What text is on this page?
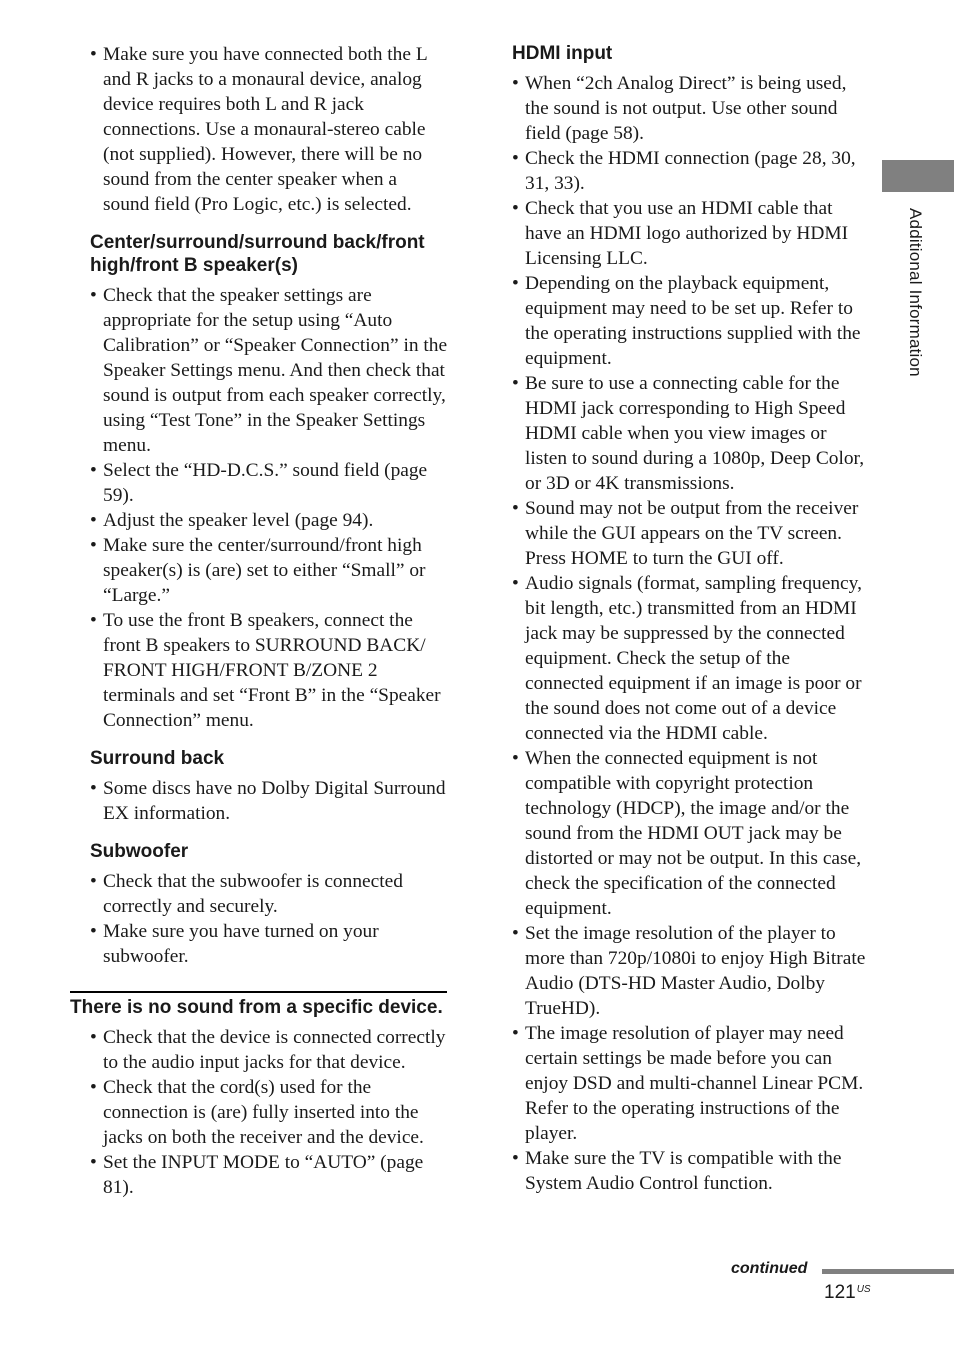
• Make sure you have connected both the L and R jacks to a monaural device, analog device requires both L and R jack connections. Use a monaural-stereo cable (not supplied). However, there will be no sound from the center speaker when a sound field (Pro Logic, etc.) is selected.
Center/surround/surround back/front high/front B speaker(s)
• Check that the speaker settings are appropriate for the setup using “Auto Calibration” or “Speaker Connection” in the Speaker Settings menu. And then check that sound is output from each speaker correctly, using “Test Tone” in the Speaker Settings menu.
• Select the “HD-D.C.S.” sound field (page 59).
• Adjust the speaker level (page 94).
• Make sure the center/surround/front high speaker(s) is (are) set to either “Small” or “Large.”
• To use the front B speakers, connect the front B speakers to SURROUND BACK/ FRONT HIGH/FRONT B/ZONE 2 terminals and set “Front B” in the “Speaker Connection” menu.
Surround back
• Some discs have no Dolby Digital Surround EX information.
Subwoofer
• Check that the subwoofer is connected correctly and securely.
• Make sure you have turned on your subwoofer.
There is no sound from a specific device.
• Check that the device is connected correctly to the audio input jacks for that device.
• Check that the cord(s) used for the connection is (are) fully inserted into the jacks on both the receiver and the device.
• Set the INPUT MODE to “AUTO” (page 81).
HDMI input
• When “2ch Analog Direct” is being used, the sound is not output. Use other sound field (page 58).
• Check the HDMI connection (page 28, 30, 31, 33).
• Check that you use an HDMI cable that have an HDMI logo authorized by HDMI Licensing LLC.
• Depending on the playback equipment, equipment may need to be set up. Refer to the operating instructions supplied with the equipment.
• Be sure to use a connecting cable for the HDMI jack corresponding to High Speed HDMI cable when you view images or listen to sound during a 1080p, Deep Color, or 3D or 4K transmissions.
• Sound may not be output from the receiver while the GUI appears on the TV screen. Press HOME to turn the GUI off.
• Audio signals (format, sampling frequency, bit length, etc.) transmitted from an HDMI jack may be suppressed by the connected equipment. Check the setup of the connected equipment if an image is poor or the sound does not come out of a device connected via the HDMI cable.
• When the connected equipment is not compatible with copyright protection technology (HDCP), the image and/or the sound from the HDMI OUT jack may be distorted or may not be output. In this case, check the specification of the connected equipment.
• Set the image resolution of the player to more than 720p/1080i to enjoy High Bitrate Audio (DTS-HD Master Audio, Dolby TrueHD).
• The image resolution of player may need certain settings be made before you can enjoy DSD and multi-channel Linear PCM. Refer to the operating instructions of the player.
• Make sure the TV is compatible with the System Audio Control function.
Additional Information
continued
$121^{US}$
